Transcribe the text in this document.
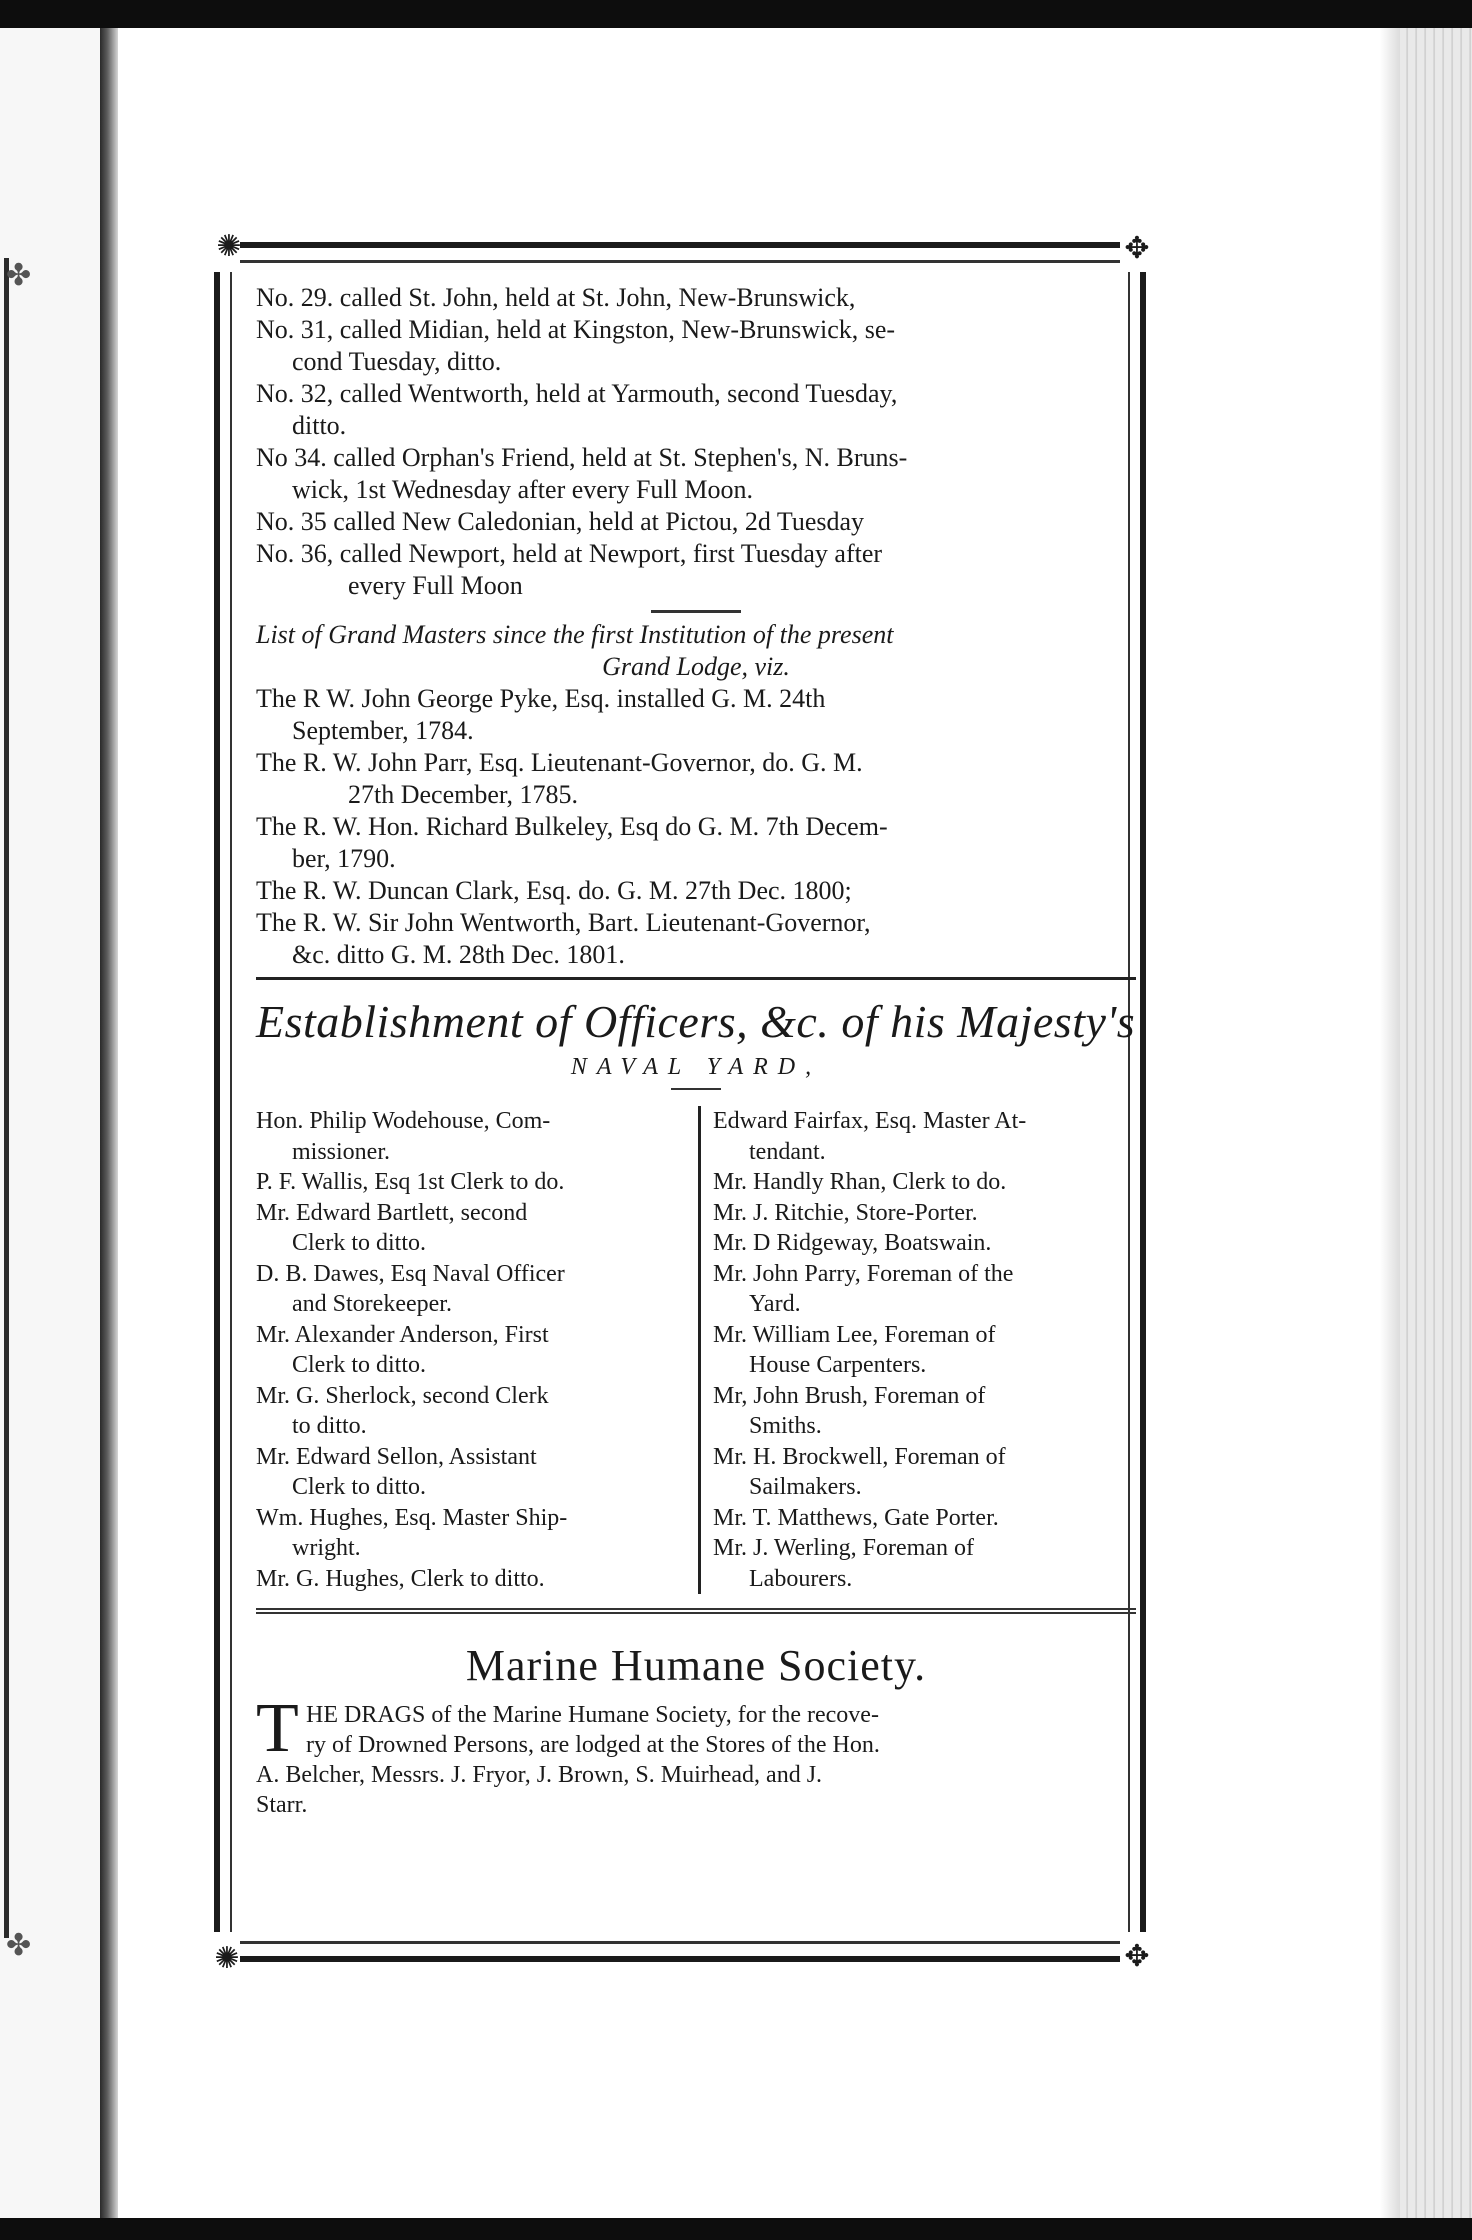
✤
✤
✺	✥
✺	✥

No. 29. called St. John, held at St. John, New-Brunswick,

No. 31, called Midian, held at Kingston, New-Brunswick, se-

cond Tuesday, ditto.

No. 32, called Wentworth, held at Yarmouth, second Tuesday,

ditto.

No 34. called Orphan's Friend, held at St. Stephen's, N. Bruns-

wick, 1st Wednesday after every Full Moon.

No. 35 called New Caledonian, held at Pictou, 2d Tuesday

No. 36, called Newport, held at Newport, first Tuesday after

every Full Moon

List of Grand Masters since the first Institution of the present

Grand Lodge, viz.

The R W. John George Pyke, Esq. installed G. M. 24th

September, 1784.

The R. W. John Parr, Esq. Lieutenant-Governor, do. G. M.

27th December, 1785.

The R. W. Hon. Richard Bulkeley, Esq do G. M. 7th Decem-

ber, 1790.

The R. W. Duncan Clark, Esq. do. G. M. 27th Dec. 1800;

The R. W. Sir John Wentworth, Bart. Lieutenant-Governor,

&c. ditto G. M. 28th Dec. 1801.

Establishment of Officers, &c. of his Majesty's

NAVAL YARD,

Hon. Philip Wodehouse, Com-

missioner.

P. F. Wallis, Esq 1st Clerk to do.

Mr. Edward Bartlett, second

Clerk to ditto.

D. B. Dawes, Esq Naval Officer

and Storekeeper.

Mr. Alexander Anderson, First

Clerk to ditto.

Mr. G. Sherlock, second Clerk

to ditto.

Mr. Edward Sellon, Assistant

Clerk to ditto.

Wm. Hughes, Esq. Master Ship-

wright.

Mr. G. Hughes, Clerk to ditto.

Edward Fairfax, Esq. Master At-

tendant.

Mr. Handly Rhan, Clerk to do.

Mr. J. Ritchie, Store-Porter.

Mr. D Ridgeway, Boatswain.

Mr. John Parry, Foreman of the

Yard.

Mr. William Lee, Foreman of

House Carpenters.

Mr, John Brush, Foreman of

Smiths.

Mr. H. Brockwell, Foreman of

Sailmakers.

Mr. T. Matthews, Gate Porter.

Mr. J. Werling, Foreman of

Labourers.

Marine Humane Society.

T HE DRAGS of the Marine Humane Society, for the recove-

ry of Drowned Persons, are lodged at the Stores of the Hon.

A. Belcher, Messrs. J. Fryor, J. Brown, S. Muirhead, and J.

Starr.
